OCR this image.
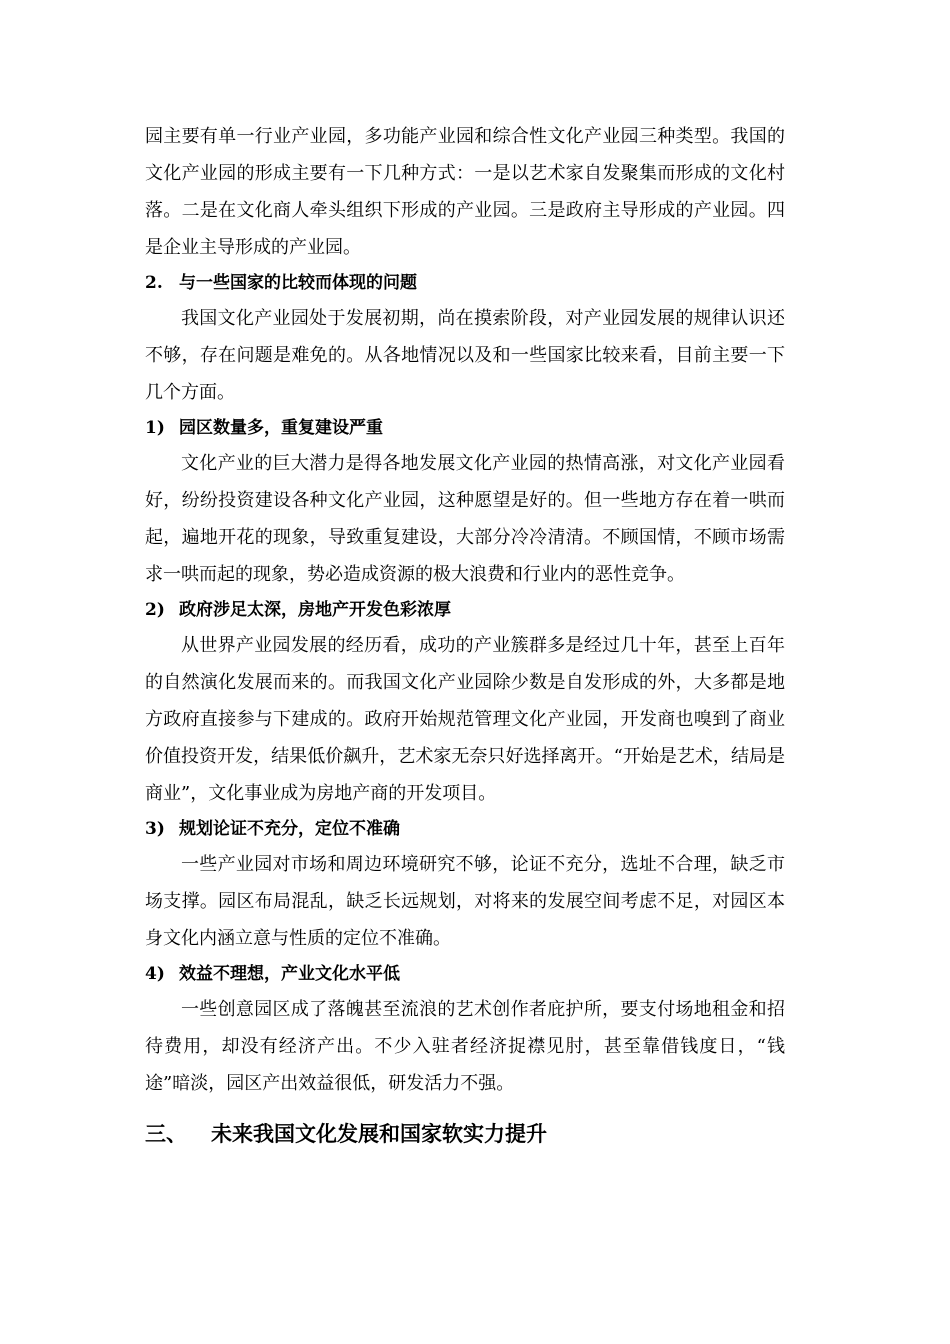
园主要有单一行业产业园，多功能产业园和综合性文化产业园三种类型。我国的文化产业园的形成主要有一下几种方式：一是以艺术家自发聚集而形成的文化村落。二是在文化商人牵头组织下形成的产业园。三是政府主导形成的产业园。四是企业主导形成的产业园。

2. 与一些国家的比较而体现的问题

我国文化产业园处于发展初期，尚在摸索阶段，对产业园发展的规律认识还不够，存在问题是难免的。从各地情况以及和一些国家比较来看，目前主要一下几个方面。

1) 园区数量多，重复建设严重

文化产业的巨大潜力是得各地发展文化产业园的热情高涨，对文化产业园看好，纷纷投资建设各种文化产业园，这种愿望是好的。但一些地方存在着一哄而起，遍地开花的现象，导致重复建设，大部分冷冷清清。不顾国情，不顾市场需求一哄而起的现象，势必造成资源的极大浪费和行业内的恶性竞争。

2) 政府涉足太深，房地产开发色彩浓厚

从世界产业园发展的经历看，成功的产业簇群多是经过几十年，甚至上百年的自然演化发展而来的。而我国文化产业园除少数是自发形成的外，大多都是地方政府直接参与下建成的。政府开始规范管理文化产业园，开发商也嗅到了商业价值投资开发，结果低价飙升，艺术家无奈只好选择离开。“开始是艺术，结局是商业”，文化事业成为房地产商的开发项目。

3) 规划论证不充分，定位不准确

一些产业园对市场和周边环境研究不够，论证不充分，选址不合理，缺乏市场支撑。园区布局混乱，缺乏长远规划，对将来的发展空间考虑不足，对园区本身文化内涵立意与性质的定位不准确。

4) 效益不理想，产业文化水平低

一些创意园区成了落魄甚至流浪的艺术创作者庇护所，要支付场地租金和招待费用，却没有经济产出。不少入驻者经济捉襟见肘，甚至靠借钱度日，“钱途”暗淡，园区产出效益很低，研发活力不强。

三、 未来我国文化发展和国家软实力提升
